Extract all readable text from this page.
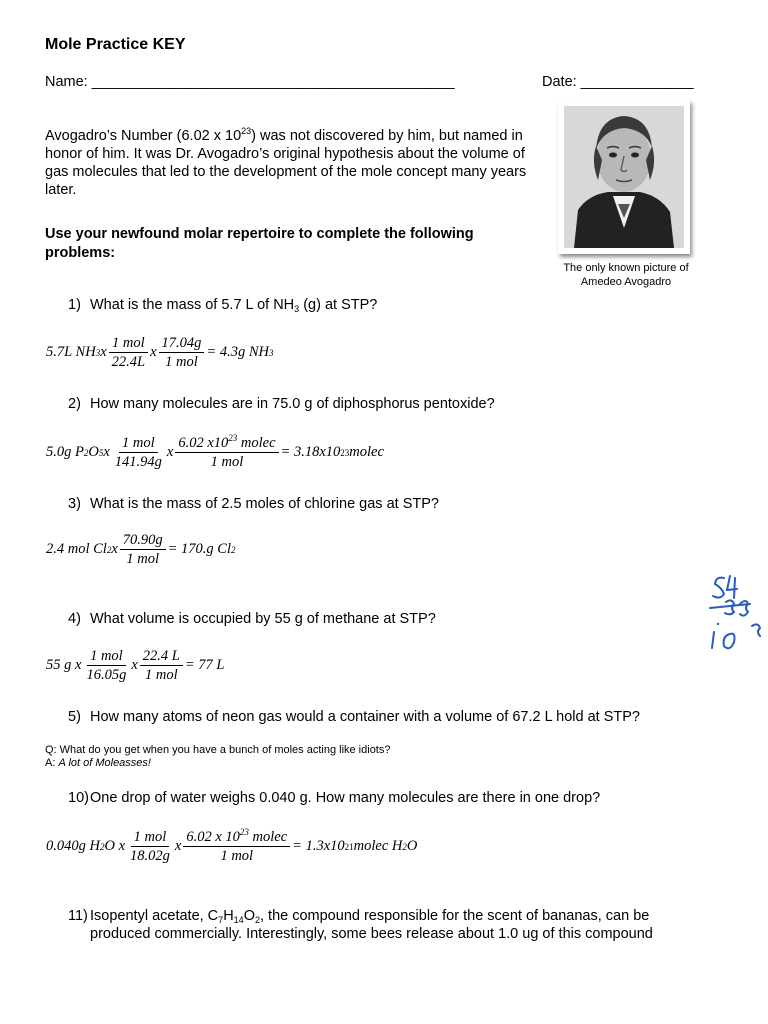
Mole Practice KEY
Name: _____________________________________________	Date: ______________
Avogadro’s Number (6.02 x $10^{23}$) was not discovered by him, but named in honor of him. It was Dr. Avogadro’s original hypothesis about the volume of gas molecules that led to the development of the mole concept many years later.
Use your newfound molar repertoire to complete the following problems:
The only known picture of
Amedeo Avogadro
1) What is the mass of 5.7 L of $NH_3$ (g) at STP?
5.7L NH 3 x $\frac{\text{1 mol}}{22.4L}$ x $\frac{17.04g}{\text{1 mol}} = 4.3g$ NH 3
2) How many molecules are in 75.0 g of diphosphorus pentoxide?
5.0g P 2 O 5 x $\frac{\text{1 mol}}{141.94g}$ x $\frac{6.02 x10^{23} molec}{\text{1 mol}} = 3.18x10$ 23 molec
3) What is the mass of 2.5 moles of chlorine gas at STP?
2.4 mol Cl 2 x $\frac{70.90g}{\text{1 mol}} = 170.g$ Cl 2
4) What volume is occupied by 55 g of methane at STP?
55 g x $\frac{\text{1 mol}}{16.05g}$ x $\frac{22.4 L}{\text{1 mol}} = 77$ L
5) How many atoms of neon gas would a container with a volume of 67.2 L hold at STP?
Q: What do you get when you have a bunch of moles acting like idiots?
A: A lot of Moleasses!
10)One drop of water weighs 0.040 g. How many molecules are there in one drop?
0.040g H 2 O x $\frac{\text{1 mol}}{18.02g}$ x $\frac{6.02 x 10^{23} molec}{\text{1 mol}} = 1.3x10$ 21 molec H 2 O
11) Isopentyl acetate, $C_7H_{14}O_2$, the compound responsible for the scent of bananas, can be produced commercially. Interestingly, some bees release about 1.0 ug of this compound
